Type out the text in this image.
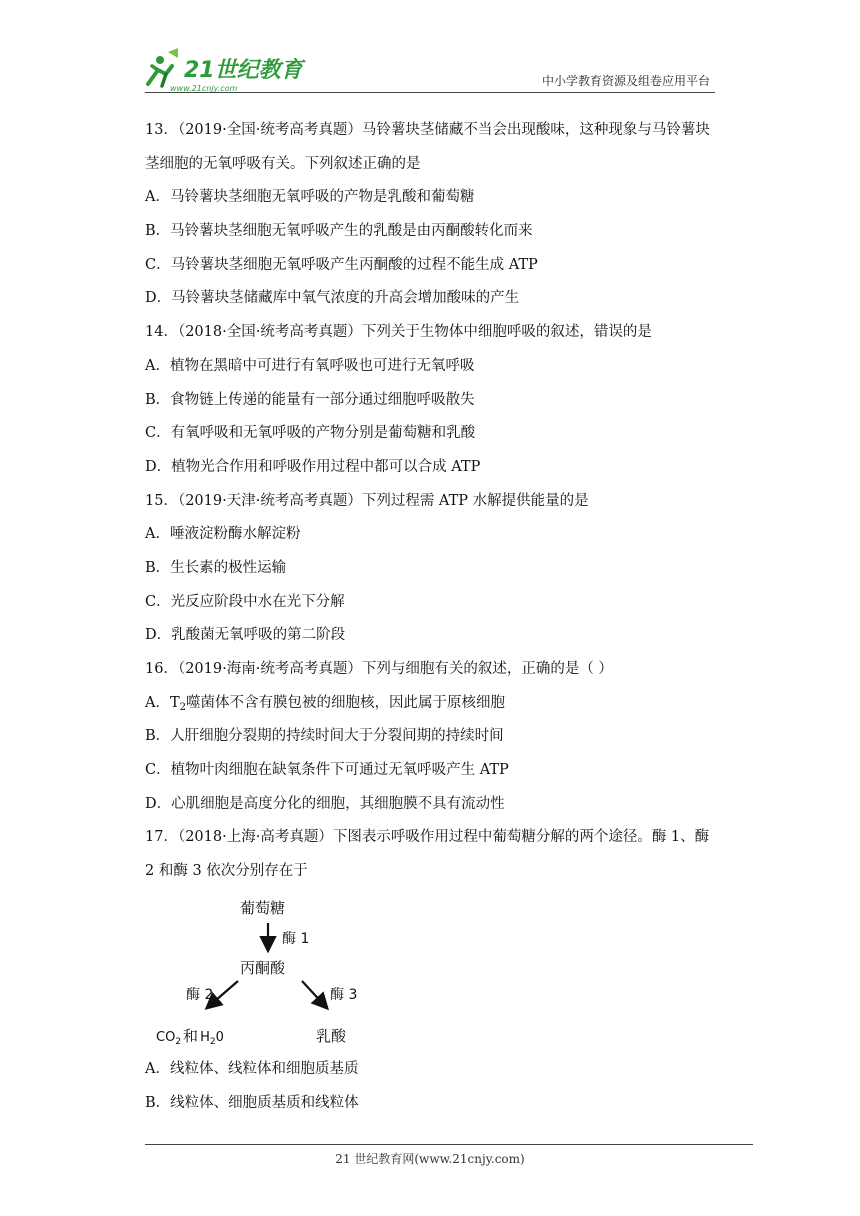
21世纪教育
www.21cnjy.com
中小学教育资源及组卷应用平台
13．（2019·全国·统考高考真题）马铃薯块茎储藏不当会出现酸味，这种现象与马铃薯块
茎细胞的无氧呼吸有关。下列叙述正确的是
A．马铃薯块茎细胞无氧呼吸的产物是乳酸和葡萄糖
B．马铃薯块茎细胞无氧呼吸产生的乳酸是由丙酮酸转化而来
C．马铃薯块茎细胞无氧呼吸产生丙酮酸的过程不能生成 ATP
D．马铃薯块茎储藏库中氧气浓度的升高会增加酸味的产生
14．（2018·全国·统考高考真题）下列关于生物体中细胞呼吸的叙述，错误的是
A．植物在黑暗中可进行有氧呼吸也可进行无氧呼吸
B．食物链上传递的能量有一部分通过细胞呼吸散失
C．有氧呼吸和无氧呼吸的产物分别是葡萄糖和乳酸
D．植物光合作用和呼吸作用过程中都可以合成 ATP
15．（2019·天津·统考高考真题）下列过程需 ATP 水解提供能量的是
A．唾液淀粉酶水解淀粉
B．生长素的极性运输
C．光反应阶段中水在光下分解
D．乳酸菌无氧呼吸的第二阶段
16．（2019·海南·统考高考真题）下列与细胞有关的叙述，正确的是（ ）
A．$T_2$噬菌体不含有膜包被的细胞核，因此属于原核细胞
B．人肝细胞分裂期的持续时间大于分裂间期的持续时间
C．植物叶肉细胞在缺氧条件下可通过无氧呼吸产生 ATP
D．心肌细胞是高度分化的细胞，其细胞膜不具有流动性
17．（2018·上海·高考真题）下图表示呼吸作用过程中葡萄糖分解的两个途径。酶 1、酶
2 和酶 3 依次分别存在于
葡萄糖
酶 1
丙酮酸
酶 2	酶 3
$CO_2$ 和 $H_20$	乳酸
A．线粒体、线粒体和细胞质基质
B．线粒体、细胞质基质和线粒体
21 世纪教育网(www.21cnjy.com)
